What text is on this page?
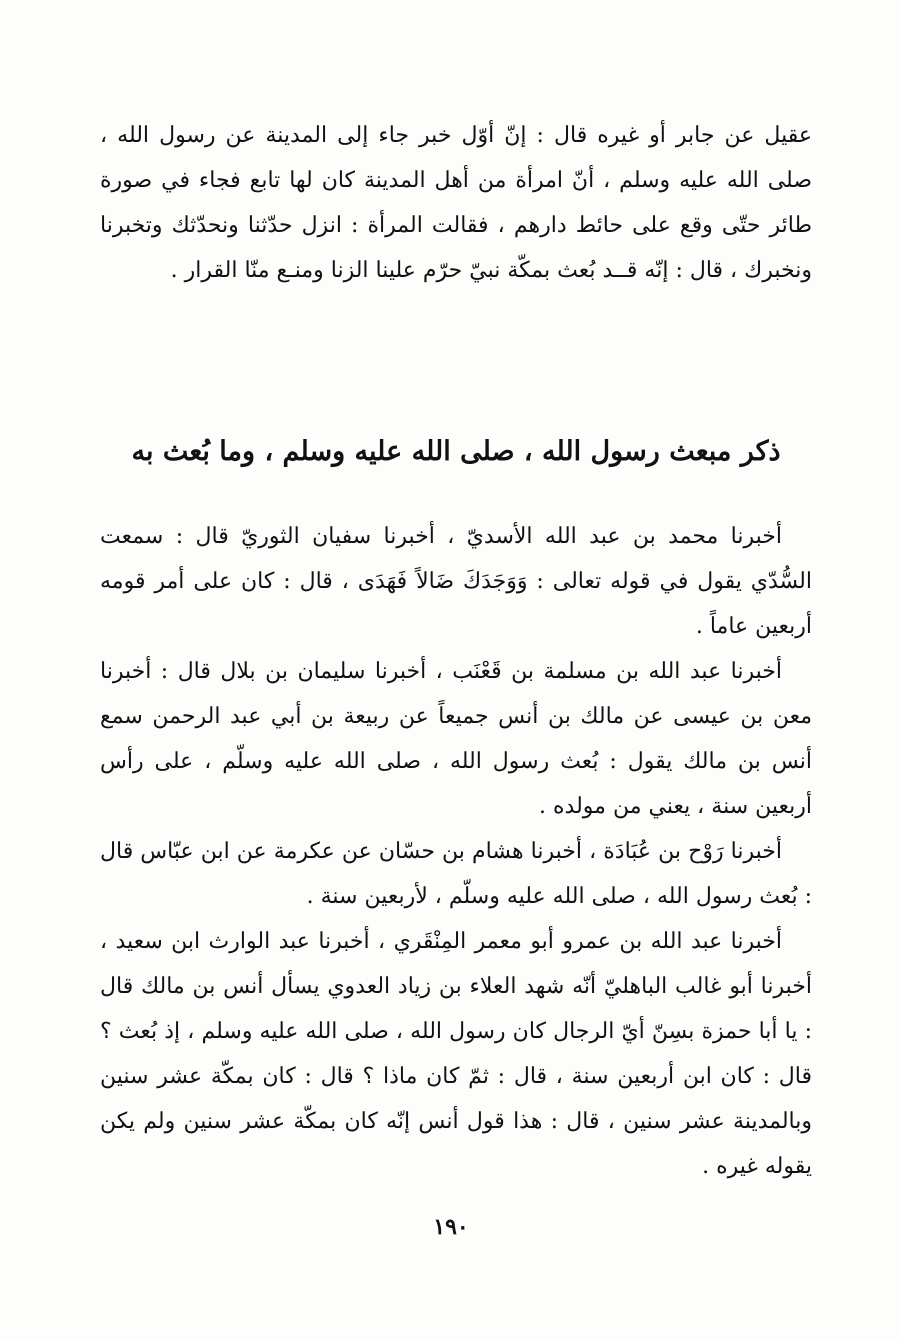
عقيل عن جابر أو غيره قال : إنّ أوّل خبر جاء إلى المدينة عن رسول الله ، صلى الله عليه وسلم ، أنّ امرأة من أهل المدينة كان لها تابع فجاء في صورة طائر حتّى وقع على حائط دارهم ، فقالت المرأة : انزل حدّثنا ونحدّثك وتخبرنا ونخبرك ، قال : إنّه قــد بُعث بمكّة نبيّ حرّم علينا الزنا ومنـع منّا القرار .

ذكر مبعث رسول الله ، صلى الله عليه وسلم ، وما بُعث به

أخبرنا محمد بن عبد الله الأسديّ ، أخبرنا سفيان الثوريّ قال : سمعت السُّدّي يقول في قوله تعالى : وَوَجَدَكَ ضَالاً فَهَدَى ، قال : كان على أمر قومه أربعين عاماً .

أخبرنا عبد الله بن مسلمة بن قَعْنَب ، أخبرنا سليمان بن بلال قال : أخبرنا معن بن عيسى عن مالك بن أنس جميعاً عن ربيعة بن أبي عبد الرحمن سمع أنس بن مالك يقول : بُعث رسول الله ، صلى الله عليه وسلّم ، على رأس أربعين سنة ، يعني من مولده .

أخبرنا رَوْح بن عُبَادَة ، أخبرنا هشام بن حسّان عن عكرمة عن ابن عبّاس قال : بُعث رسول الله ، صلى الله عليه وسلّم ، لأربعين سنة .

أخبرنا عبد الله بن عمرو أبو معمر المِنْقَري ، أخبرنا عبد الوارث ابن سعيد ، أخبرنا أبو غالب الباهليّ أنّه شهد العلاء بن زياد العدوي يسأل أنس بن مالك قال : يا أبا حمزة بسِنّ أيّ الرجال كان رسول الله ، صلى الله عليه وسلم ، إذ بُعث ؟ قال : كان ابن أربعين سنة ، قال : ثمّ كان ماذا ؟ قال : كان بمكّة عشر سنين وبالمدينة عشر سنين ، قال : هذا قول أنس إنّه كان بمكّة عشر سنين ولم يكن يقوله غيره .

١٩٠
